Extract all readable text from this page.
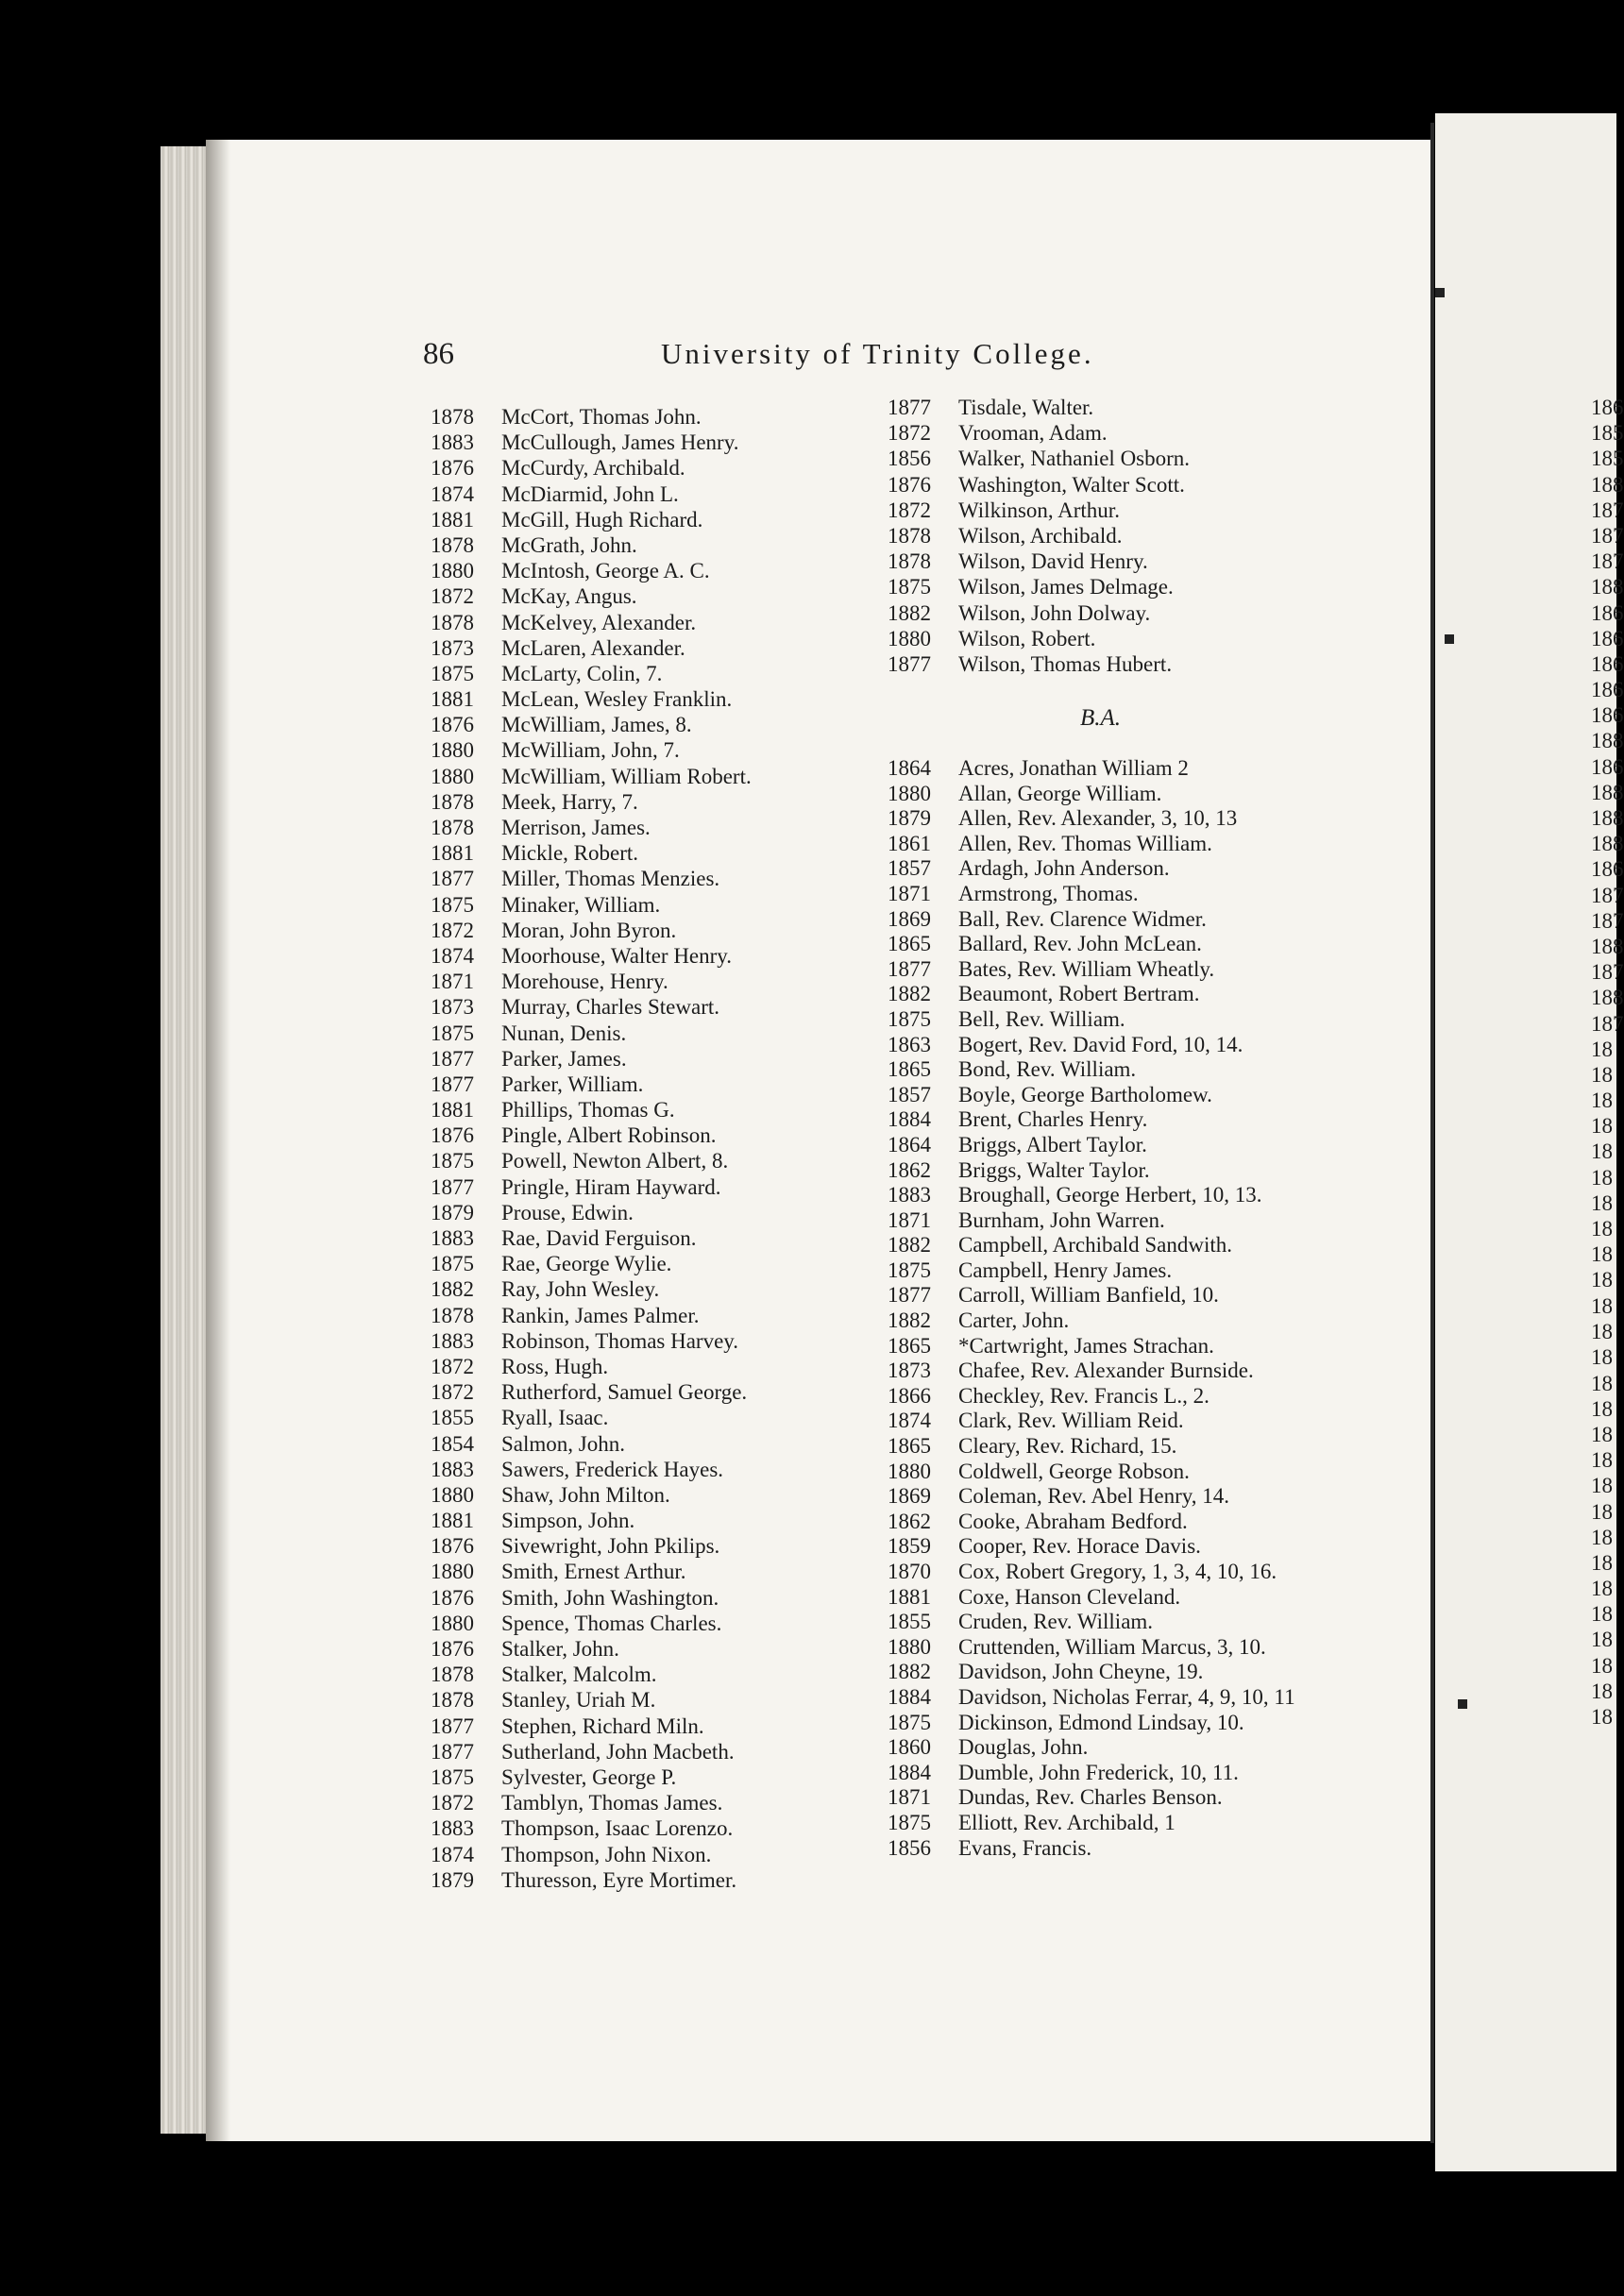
86	University of Trinity College.
1878	McCort, Thomas John.
1883	McCullough, James Henry.
1876	McCurdy, Archibald.
1874	McDiarmid, John L.
1881	McGill, Hugh Richard.
1878	McGrath, John.
1880	McIntosh, George A. C.
1872	McKay, Angus.
1878	McKelvey, Alexander.
1873	McLaren, Alexander.
1875	McLarty, Colin, 7.
1881	McLean, Wesley Franklin.
1876	McWilliam, James, 8.
1880	McWilliam, John, 7.
1880	McWilliam, William Robert.
1878	Meek, Harry, 7.
1878	Merrison, James.
1881	Mickle, Robert.
1877	Miller, Thomas Menzies.
1875	Minaker, William.
1872	Moran, John Byron.
1874	Moorhouse, Walter Henry.
1871	Morehouse, Henry.
1873	Murray, Charles Stewart.
1875	Nunan, Denis.
1877	Parker, James.
1877	Parker, William.
1881	Phillips, Thomas G.
1876	Pingle, Albert Robinson.
1875	Powell, Newton Albert, 8.
1877	Pringle, Hiram Hayward.
1879	Prouse, Edwin.
1883	Rae, David Ferguison.
1875	Rae, George Wylie.
1882	Ray, John Wesley.
1878	Rankin, James Palmer.
1883	Robinson, Thomas Harvey.
1872	Ross, Hugh.
1872	Rutherford, Samuel George.
1855	Ryall, Isaac.
1854	Salmon, John.
1883	Sawers, Frederick Hayes.
1880	Shaw, John Milton.
1881	Simpson, John.
1876	Sivewright, John Pkilips.
1880	Smith, Ernest Arthur.
1876	Smith, John Washington.
1880	Spence, Thomas Charles.
1876	Stalker, John.
1878	Stalker, Malcolm.
1878	Stanley, Uriah M.
1877	Stephen, Richard Miln.
1877	Sutherland, John Macbeth.
1875	Sylvester, George P.
1872	Tamblyn, Thomas James.
1883	Thompson, Isaac Lorenzo.
1874	Thompson, John Nixon.
1879	Thuresson, Eyre Mortimer.
1877	Tisdale, Walter.
1872	Vrooman, Adam.
1856	Walker, Nathaniel Osborn.
1876	Washington, Walter Scott.
1872	Wilkinson, Arthur.
1878	Wilson, Archibald.
1878	Wilson, David Henry.
1875	Wilson, James Delmage.
1882	Wilson, John Dolway.
1880	Wilson, Robert.
1877	Wilson, Thomas Hubert.
B.A.
1864	Acres, Jonathan William 2
1880	Allan, George William.
1879	Allen, Rev. Alexander, 3, 10, 13
1861	Allen, Rev. Thomas William.
1857	Ardagh, John Anderson.
1871	Armstrong, Thomas.
1869	Ball, Rev. Clarence Widmer.
1865	Ballard, Rev. John McLean.
1877	Bates, Rev. William Wheatly.
1882	Beaumont, Robert Bertram.
1875	Bell, Rev. William.
1863	Bogert, Rev. David Ford, 10, 14.
1865	Bond, Rev. William.
1857	Boyle, George Bartholomew.
1884	Brent, Charles Henry.
1864	Briggs, Albert Taylor.
1862	Briggs, Walter Taylor.
1883	Broughall, George Herbert, 10, 13.
1871	Burnham, John Warren.
1882	Campbell, Archibald Sandwith.
1875	Campbell, Henry James.
1877	Carroll, William Banfield, 10.
1882	Carter, John.
1865	*Cartwright, James Strachan.
1873	Chafee, Rev. Alexander Burnside.
1866	Checkley, Rev. Francis L., 2.
1874	Clark, Rev. William Reid.
1865	Cleary, Rev. Richard, 15.
1880	Coldwell, George Robson.
1869	Coleman, Rev. Abel Henry, 14.
1862	Cooke, Abraham Bedford.
1859	Cooper, Rev. Horace Davis.
1870	Cox, Robert Gregory, 1, 3, 4, 10, 16.
1881	Coxe, Hanson Cleveland.
1855	Cruden, Rev. William.
1880	Cruttenden, William Marcus, 3, 10.
1882	Davidson, John Cheyne, 19.
1884	Davidson, Nicholas Ferrar, 4, 9, 10, 11
1875	Dickinson, Edmond Lindsay, 10.
1860	Douglas, John.
1884	Dumble, John Frederick, 10, 11.
1871	Dundas, Rev. Charles Benson.
1875	Elliott, Rev. Archibald, 1
1856	Evans, Francis.
186
185
185
188
187
187
187
188
186
186
186
186
186
188
186
188
188
188
186
187
187
188
187
188
187
18
18
18
18
18
18
18
18
18
18
18
18
18
18
18
18
18
18
18
18
18
18
18
18
18
18
18
